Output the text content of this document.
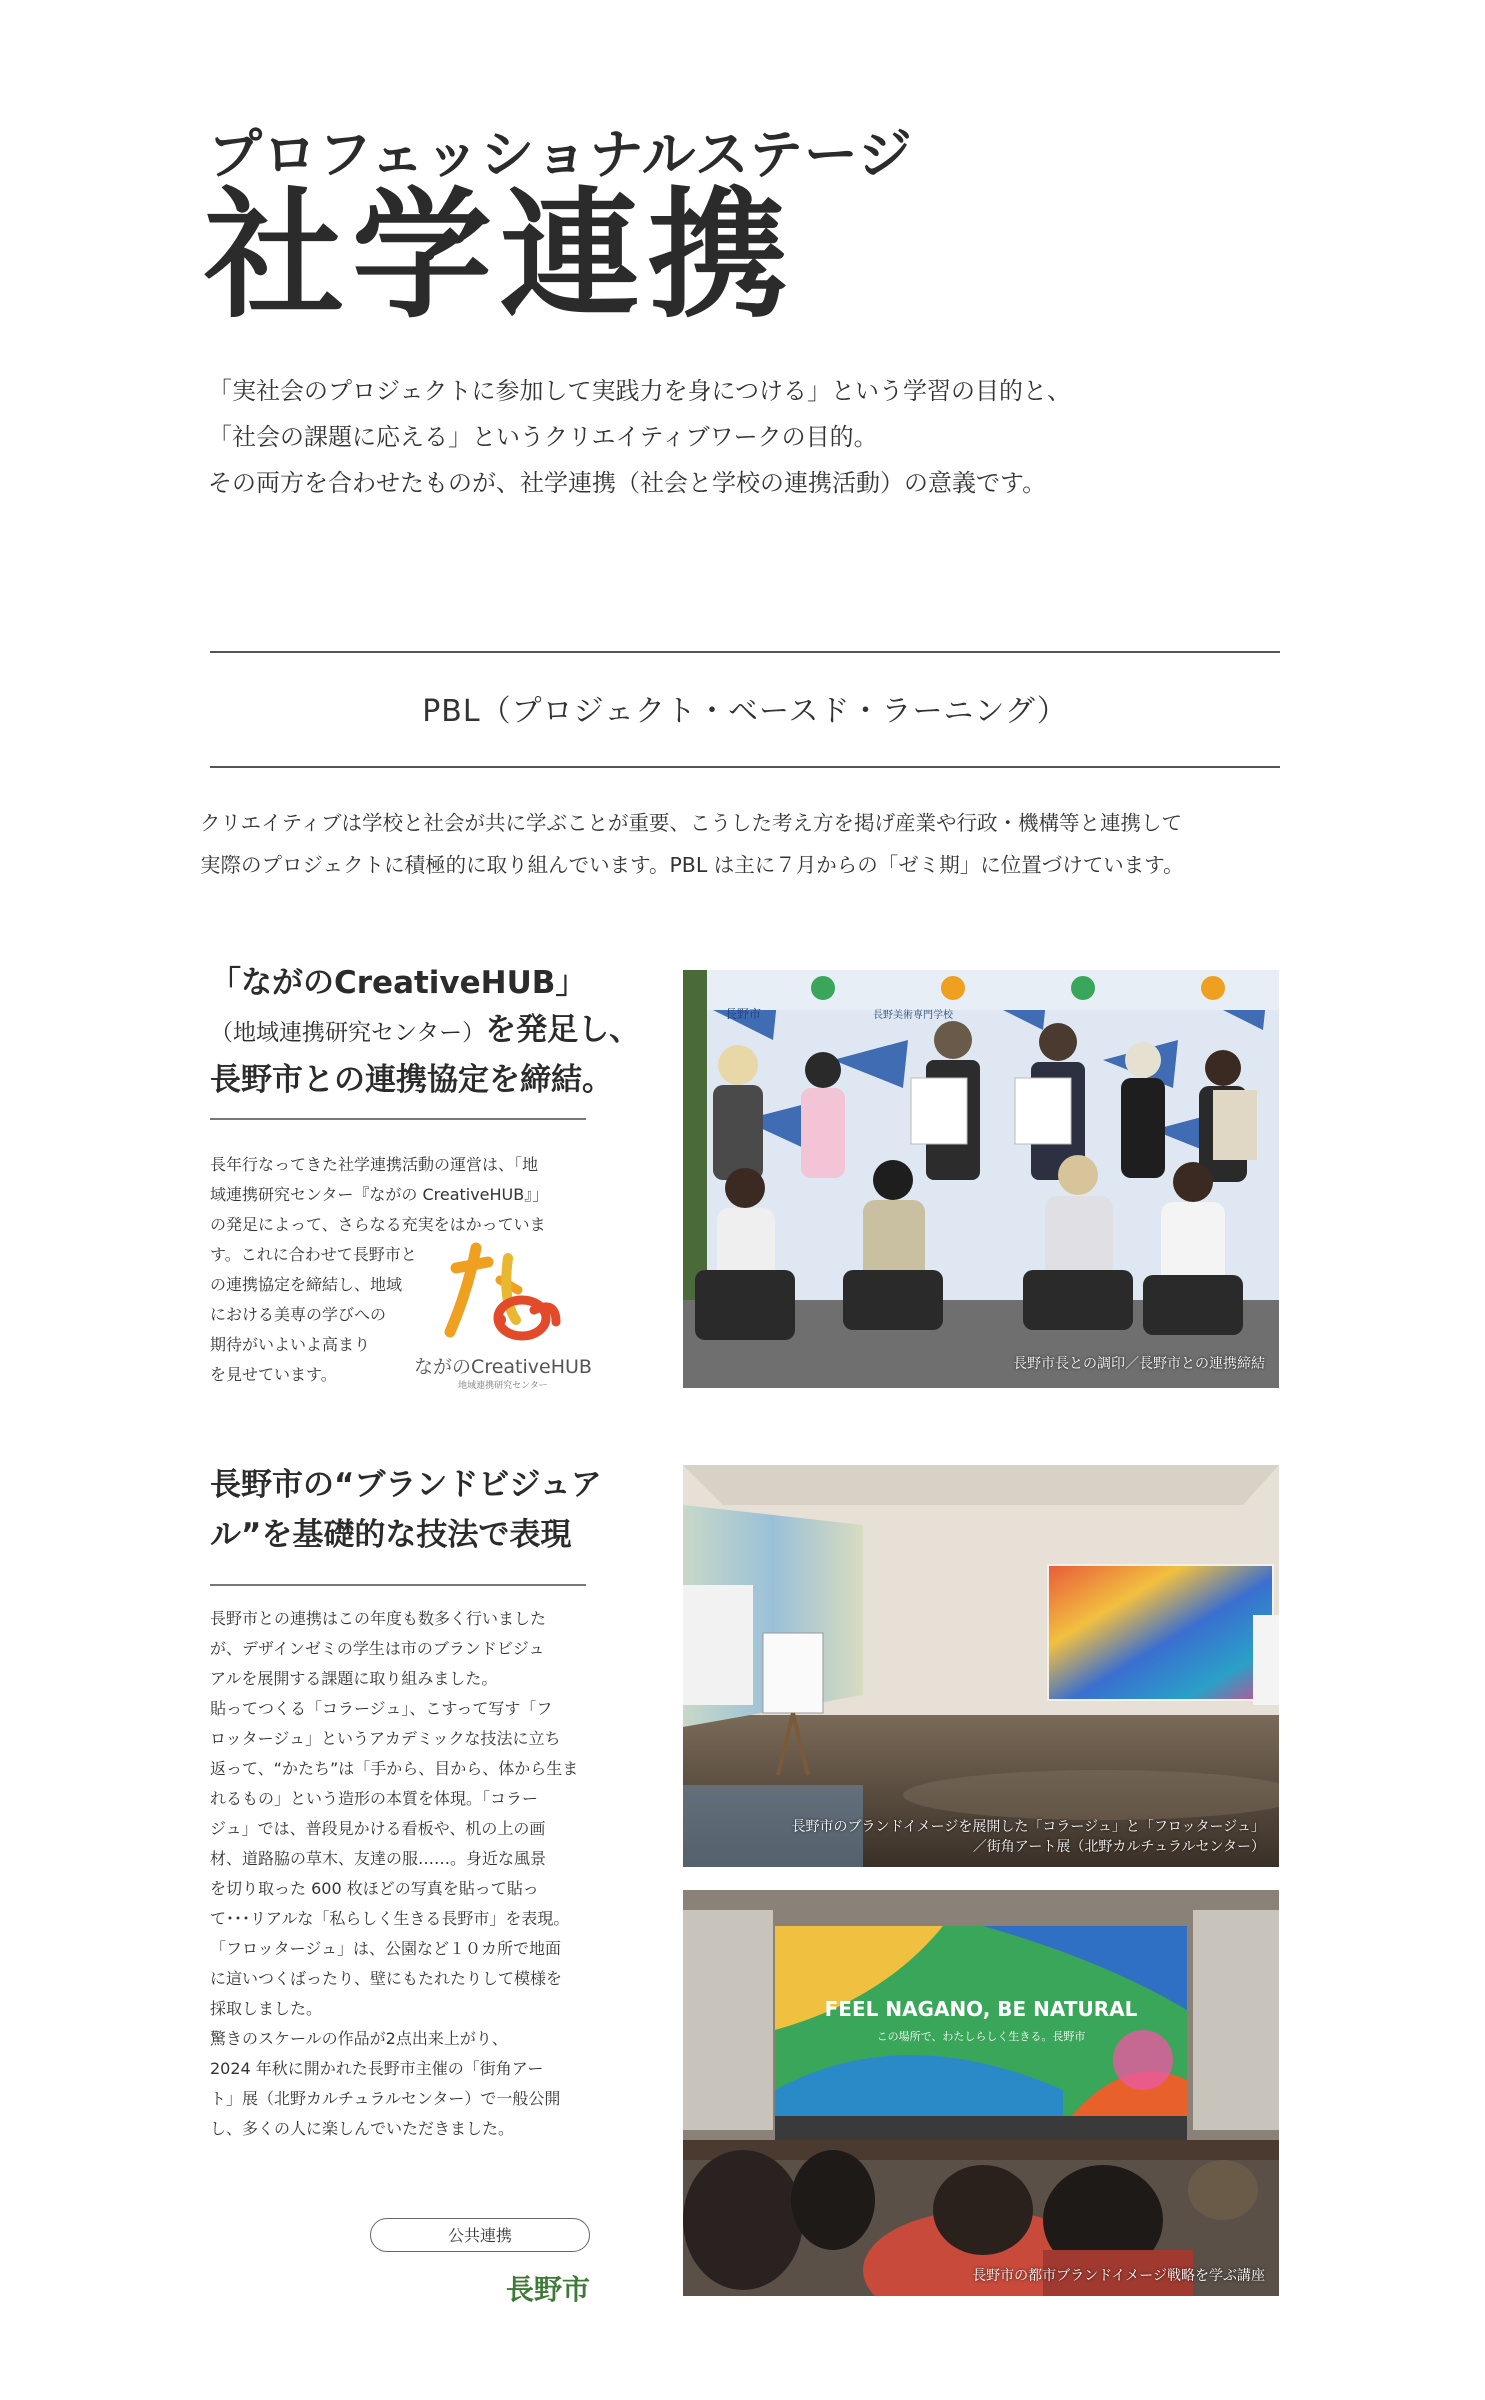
プロフェッショナルステージ
社学連携
「実社会のプロジェクトに参加して実践力を身につける」という学習の目的と、
「社会の課題に応える」というクリエイティブワークの目的。
その両方を合わせたものが、社学連携（社会と学校の連携活動）の意義です。
PBL（プロジェクト・ベースド・ラーニング）
クリエイティブは学校と社会が共に学ぶことが重要、こうした考え方を掲げ産業や行政・機構等と連携して
実際のプロジェクトに積極的に取り組んでいます。PBL は主に７月からの「ゼミ期」に位置づけています。
「ながのCreativeHUB」
（地域連携研究センター）を発足し、
長野市との連携協定を締結。
長年行なってきた社学連携活動の運営は、「地
域連携研究センター『ながの CreativeHUB』」
の発足によって、さらなる充実をはかっていま
す。これに合わせて長野市と
の連携協定を締結し、地域
における美専の学びへの
期待がいよいよ高まり
を見せています。	ながのCreativeHUB
地域連携研究センター
長野市	長野美術専門学校
長野市長との調印／長野市との連携締結
長野市の“ブランドビジュア
ル”を基礎的な技法で表現
長野市との連携はこの年度も数多く行いました
が、デザインゼミの学生は市のブランドビジュ
アルを展開する課題に取り組みました。
貼ってつくる「コラージュ」、こすって写す「フ
ロッタージュ」というアカデミックな技法に立ち
返って、“かたち”は「手から、目から、体から生ま
れるもの」という造形の本質を体現。「コラー
ジュ」では、普段見かける看板や、机の上の画
材、道路脇の草木、友達の服……。身近な風景
を切り取った 600 枚ほどの写真を貼って貼っ
て･･･リアルな「私らしく生きる長野市」を表現。
「フロッタージュ」は、公園など１０カ所で地面
に這いつくばったり、壁にもたれたりして模様を
採取しました。
驚きのスケールの作品が2点出来上がり、
2024 年秋に開かれた長野市主催の「街角アー
ト」展（北野カルチュラルセンター）で一般公開
し、多くの人に楽しんでいただきました。
公共連携
長野市
長野市のブランドイメージを展開した「コラージュ」と「フロッタージュ」
／街角アート展（北野カルチュラルセンター）
FEEL NAGANO, BE NATURAL
この場所で、わたしらしく生きる。長野市
長野市の都市ブランドイメージ戦略を学ぶ講座
